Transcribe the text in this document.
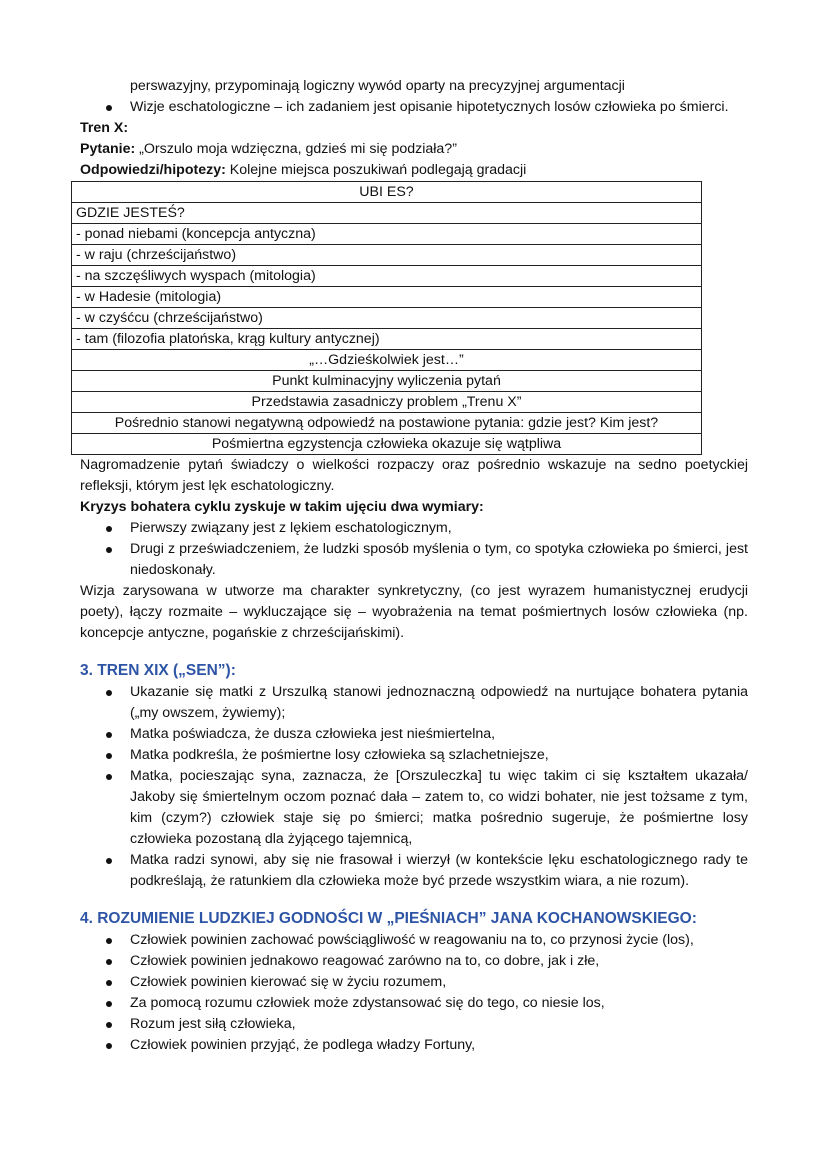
perswazyjny, przypominają logiczny wywód oparty na precyzyjnej argumentacji
Wizje eschatologiczne – ich zadaniem jest opisanie hipotetycznych losów człowieka po śmierci.
Tren X:
Pytanie: „Orszulo moja wdzięczna, gdzieś mi się podziała?”
Odpowiedzi/hipotezy: Kolejne miejsca poszukiwań podlegają gradacji
UBI ES?
GDZIE JESTEŚ?
- ponad niebami (koncepcja antyczna)
- w raju (chrześcijaństwo)
- na szczęśliwych wyspach (mitologia)
- w Hadesie (mitologia)
- w czyśćcu (chrześcijaństwo)
- tam (filozofia platońska, krąg kultury antycznej)
„…Gdzieśkolwiek jest…”
Punkt kulminacyjny wyliczenia pytań
Przedstawia zasadniczy problem „Trenu X”
Pośrednio stanowi negatywną odpowiedź na postawione pytania: gdzie jest? Kim jest?
Pośmiertna egzystencja człowieka okazuje się wątpliwa

Nagromadzenie pytań świadczy o wielkości rozpaczy oraz pośrednio wskazuje na sedno poetyckiej refleksji, którym jest lęk eschatologiczny.

Kryzys bohatera cyklu zyskuje w takim ujęciu dwa wymiary:
Pierwszy związany jest z lękiem eschatologicznym,
Drugi z przeświadczeniem, że ludzki sposób myślenia o tym, co spotyka człowieka po śmierci, jest niedoskonały.

Wizja zarysowana w utworze ma charakter synkretyczny, (co jest wyrazem humanistycznej erudycji poety), łączy rozmaite – wykluczające się – wyobrażenia na temat pośmiertnych losów człowieka (np. koncepcje antyczne, pogańskie z chrześcijańskimi).

3. TREN XIX („SEN”):
Ukazanie się matki z Urszulką stanowi jednoznaczną odpowiedź na nurtujące bohatera pytania („my owszem, żywiemy);
Matka poświadcza, że dusza człowieka jest nieśmiertelna,
Matka podkreśla, że pośmiertne losy człowieka są szlachetniejsze,
Matka, pocieszając syna, zaznacza, że [Orszuleczka] tu więc takim ci się kształtem ukazała/ Jakoby się śmiertelnym oczom poznać dała – zatem to, co widzi bohater, nie jest tożsame z tym, kim (czym?) człowiek staje się po śmierci; matka pośrednio sugeruje, że pośmiertne losy człowieka pozostaną dla żyjącego tajemnicą,
Matka radzi synowi, aby się nie frasował i wierzył (w kontekście lęku eschatologicznego rady te podkreślają, że ratunkiem dla człowieka może być przede wszystkim wiara, a nie rozum).
4. ROZUMIENIE LUDZKIEJ GODNOŚCI W „PIEŚNIACH” JANA KOCHANOWSKIEGO:
Człowiek powinien zachować powściągliwość w reagowaniu na to, co przynosi życie (los),
Człowiek powinien jednakowo reagować zarówno na to, co dobre, jak i złe,
Człowiek powinien kierować się w życiu rozumem,
Za pomocą rozumu człowiek może zdystansować się do tego, co niesie los,
Rozum jest siłą człowieka,
Człowiek powinien przyjąć, że podlega władzy Fortuny,
